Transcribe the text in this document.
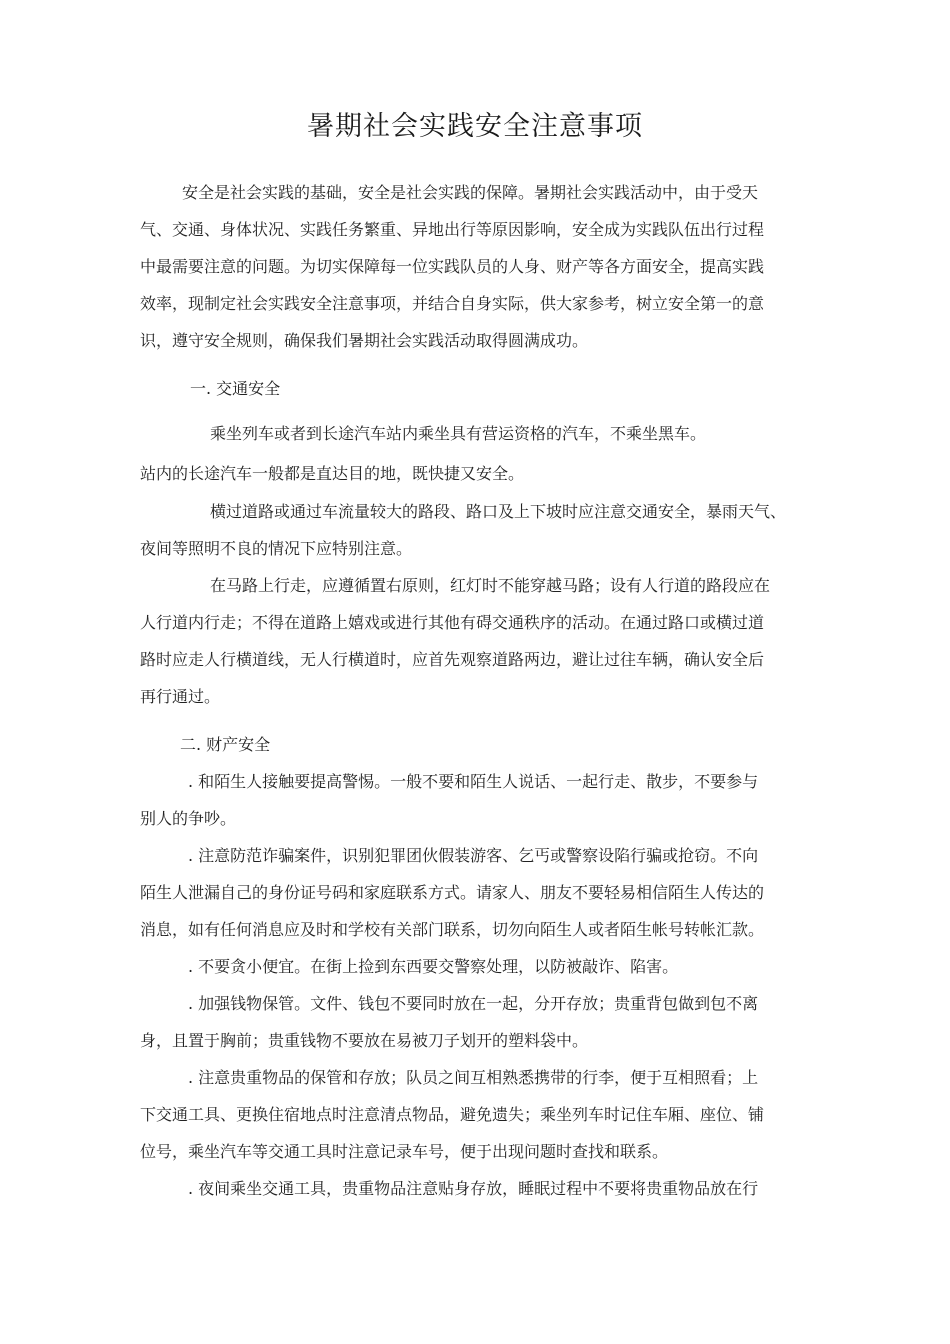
暑期社会实践安全注意事项
安全是社会实践的基础，安全是社会实践的保障。暑期社会实践活动中，由于受天
气、交通、身体状况、实践任务繁重、异地出行等原因影响，安全成为实践队伍出行过程
中最需要注意的问题。为切实保障每一位实践队员的人身、财产等各方面安全，提高实践
效率，现制定社会实践安全注意事项，并结合自身实际，供大家参考，树立安全第一的意
识，遵守安全规则，确保我们暑期社会实践活动取得圆满成功。
一. 交通安全
乘坐列车或者到长途汽车站内乘坐具有营运资格的汽车，不乘坐黑车。
站内的长途汽车一般都是直达目的地，既快捷又安全。
横过道路或通过车流量较大的路段、路口及上下坡时应注意交通安全，暴雨天气、
夜间等照明不良的情况下应特别注意。
在马路上行走，应遵循置右原则，红灯时不能穿越马路；设有人行道的路段应在
人行道内行走；不得在道路上嬉戏或进行其他有碍交通秩序的活动。在通过路口或横过道
路时应走人行横道线，无人行横道时，应首先观察道路两边，避让过往车辆，确认安全后
再行通过。
二. 财产安全
. 和陌生人接触要提高警惕。一般不要和陌生人说话、一起行走、散步，不要参与
别人的争吵。
. 注意防范诈骗案件，识别犯罪团伙假装游客、乞丐或警察设陷行骗或抢窃。不向
陌生人泄漏自己的身份证号码和家庭联系方式。请家人、朋友不要轻易相信陌生人传达的
消息，如有任何消息应及时和学校有关部门联系，切勿向陌生人或者陌生帐号转帐汇款。
. 不要贪小便宜。在街上捡到东西要交警察处理，以防被敲诈、陷害。
. 加强钱物保管。文件、钱包不要同时放在一起，分开存放；贵重背包做到包不离
身，且置于胸前；贵重钱物不要放在易被刀子划开的塑料袋中。
. 注意贵重物品的保管和存放；队员之间互相熟悉携带的行李，便于互相照看；上
下交通工具、更换住宿地点时注意清点物品，避免遗失；乘坐列车时记住车厢、座位、铺
位号，乘坐汽车等交通工具时注意记录车号，便于出现问题时查找和联系。
. 夜间乘坐交通工具，贵重物品注意贴身存放，睡眠过程中不要将贵重物品放在行
